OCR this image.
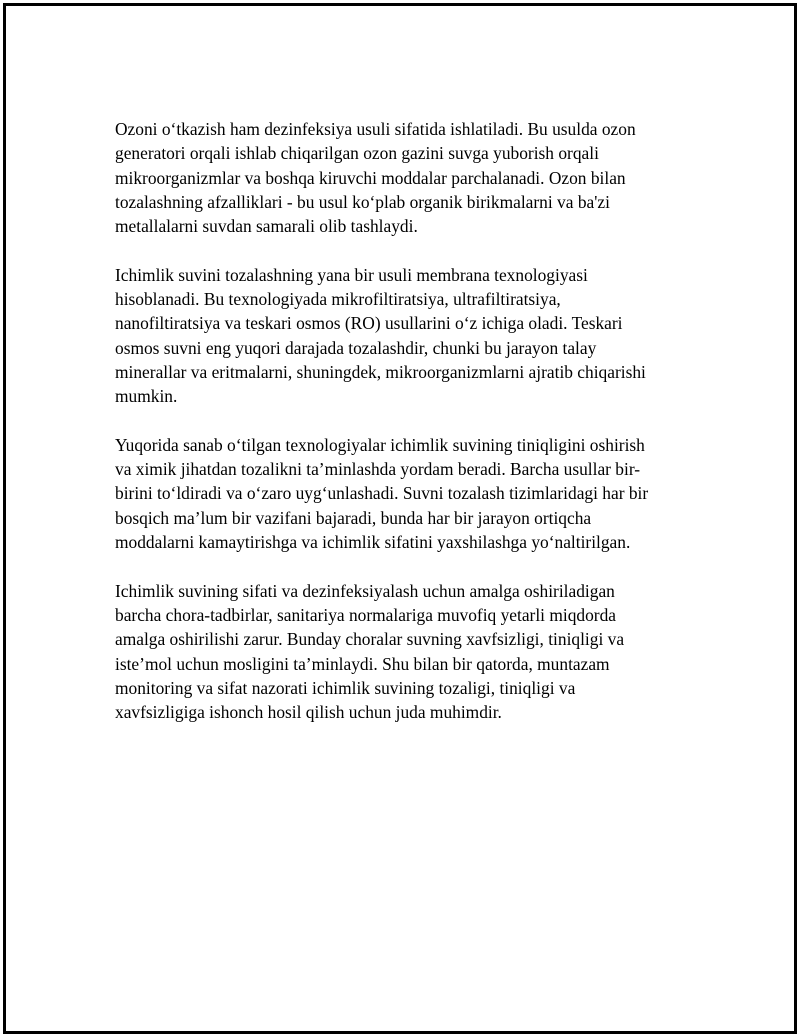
Ozoni o‘tkazish ham dezinfeksiya usuli sifatida ishlatiladi. Bu usulda ozon
generatori orqali ishlab chiqarilgan ozon gazini suvga yuborish orqali
mikroorganizmlar va boshqa kiruvchi moddalar parchalanadi. Ozon bilan
tozalashning afzalliklari - bu usul ko‘plab organik birikmalarni va ba'zi
metallalarni suvdan samarali olib tashlaydi.

Ichimlik suvini tozalashning yana bir usuli membrana texnologiyasi
hisoblanadi. Bu texnologiyada mikrofiltiratsiya, ultrafiltiratsiya,
nanofiltiratsiya va teskari osmos (RO) usullarini o‘z ichiga oladi. Teskari
osmos suvni eng yuqori darajada tozalashdir, chunki bu jarayon talay
minerallar va eritmalarni, shuningdek, mikroorganizmlarni ajratib chiqarishi
mumkin.

Yuqorida sanab o‘tilgan texnologiyalar ichimlik suvining tiniqligini oshirish
va ximik jihatdan tozalikni ta’minlashda yordam beradi. Barcha usullar bir-
birini to‘ldiradi va o‘zaro uyg‘unlashadi. Suvni tozalash tizimlaridagi har bir
bosqich ma’lum bir vazifani bajaradi, bunda har bir jarayon ortiqcha
moddalarni kamaytirishga va ichimlik sifatini yaxshilashga yo‘naltirilgan.

Ichimlik suvining sifati va dezinfeksiyalash uchun amalga oshiriladigan
barcha chora-tadbirlar, sanitariya normalariga muvofiq yetarli miqdorda
amalga oshirilishi zarur. Bunday choralar suvning xavfsizligi, tiniqligi va
iste’mol uchun mosligini ta’minlaydi. Shu bilan bir qatorda, muntazam
monitoring va sifat nazorati ichimlik suvining tozaligi, tiniqligi va
xavfsizligiga ishonch hosil qilish uchun juda muhimdir.
